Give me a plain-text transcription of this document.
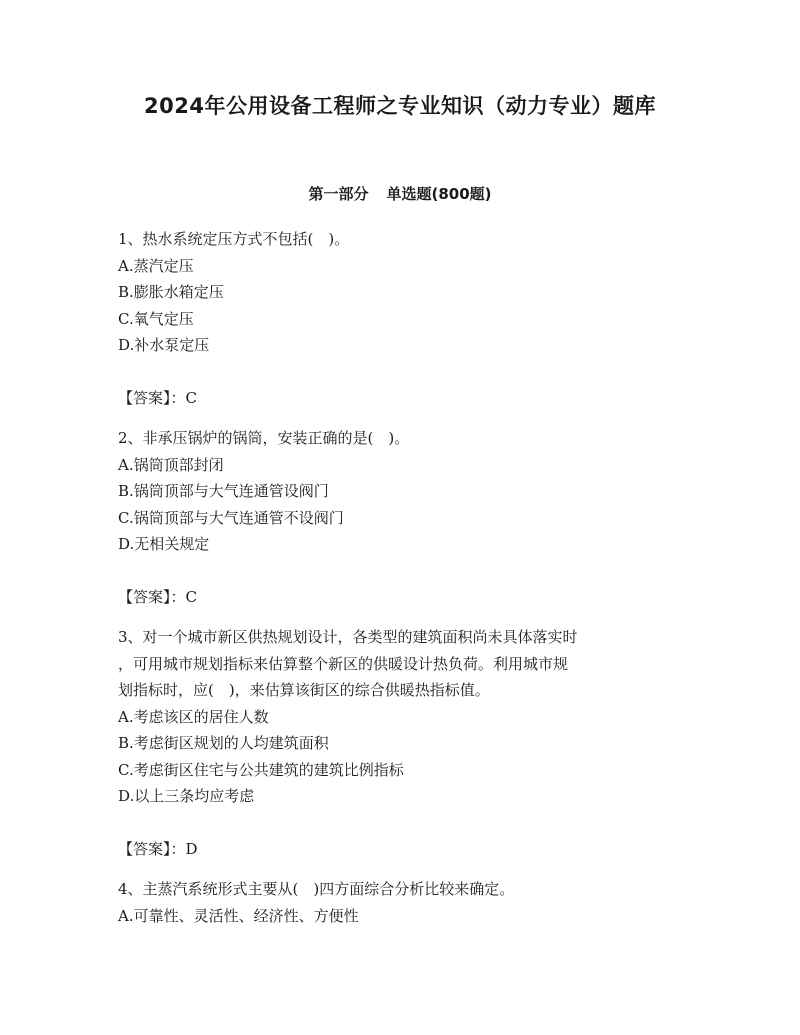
2024年公用设备工程师之专业知识（动力专业）题库
第一部分 单选题(800题)
1、热水系统定压方式不包括(　)。
A.蒸汽定压
B.膨胀水箱定压
C.氧气定压
D.补水泵定压
【答案】：C
2、非承压锅炉的锅筒，安装正确的是(　)。
A.锅筒顶部封闭
B.锅筒顶部与大气连通管设阀门
C.锅筒顶部与大气连通管不设阀门
D.无相关规定
【答案】：C
3、对一个城市新区供热规划设计，各类型的建筑面积尚未具体落实时
，可用城市规划指标来估算整个新区的供暖设计热负荷。利用城市规
划指标时，应(　)，来估算该街区的综合供暖热指标值。
A.考虑该区的居住人数
B.考虑街区规划的人均建筑面积
C.考虑街区住宅与公共建筑的建筑比例指标
D.以上三条均应考虑
【答案】：D
4、主蒸汽系统形式主要从(　)四方面综合分析比较来确定。
A.可靠性、灵活性、经济性、方便性
